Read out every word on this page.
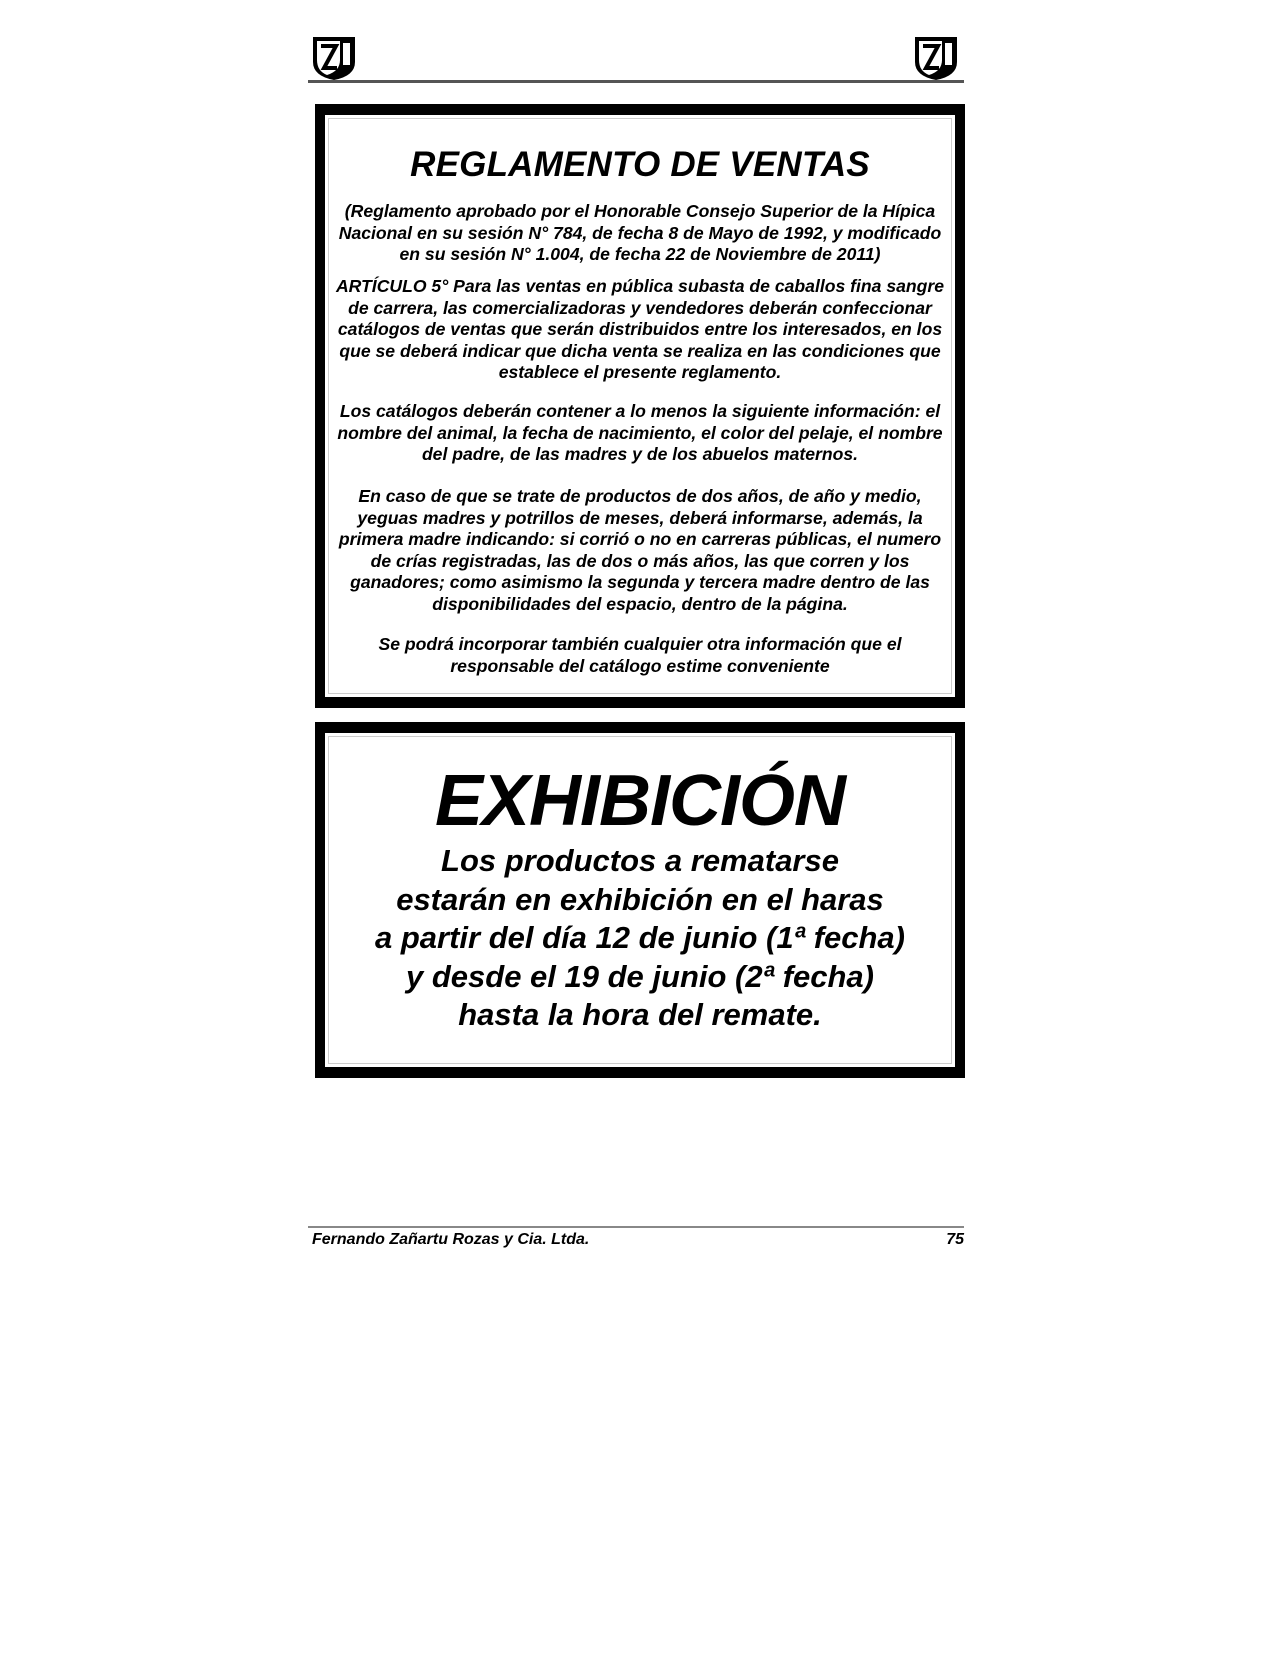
REGLAMENTO DE VENTAS

(Reglamento aprobado por el Honorable Consejo Superior de la Hípica Nacional en su sesión N° 784, de fecha 8 de Mayo de 1992, y modificado en su sesión N° 1.004, de fecha 22 de Noviembre de 2011)

ARTÍCULO 5° Para las ventas en pública subasta de caballos fina sangre de carrera, las comercializadoras y vendedores deberán confeccionar catálogos de ventas que serán distribuidos entre los interesados, en los que se deberá indicar que dicha venta se realiza en las condiciones que establece el presente reglamento.

Los catálogos deberán contener a lo menos la siguiente información: el nombre del animal, la fecha de nacimiento, el color del pelaje, el nombre del padre, de las madres y de los abuelos maternos.

En caso de que se trate de productos de dos años, de año y medio, yeguas madres y potrillos de meses, deberá informarse, además, la primera madre indicando: si corrió o no en carreras públicas, el numero de crías registradas, las de dos o más años, las que corren y los ganadores; como asimismo la segunda y tercera madre dentro de las disponibilidades del espacio, dentro de la página.

Se podrá incorporar también cualquier otra información que el responsable del catálogo estime conveniente

EXHIBICIÓN
Los productos a rematarse
estarán en exhibición en el haras
a partir del día 12 de junio (1ª fecha)
y desde el 19 de junio (2ª fecha)
hasta la hora del remate.
Fernando Zañartu Rozas y Cia. Ltda.	75
